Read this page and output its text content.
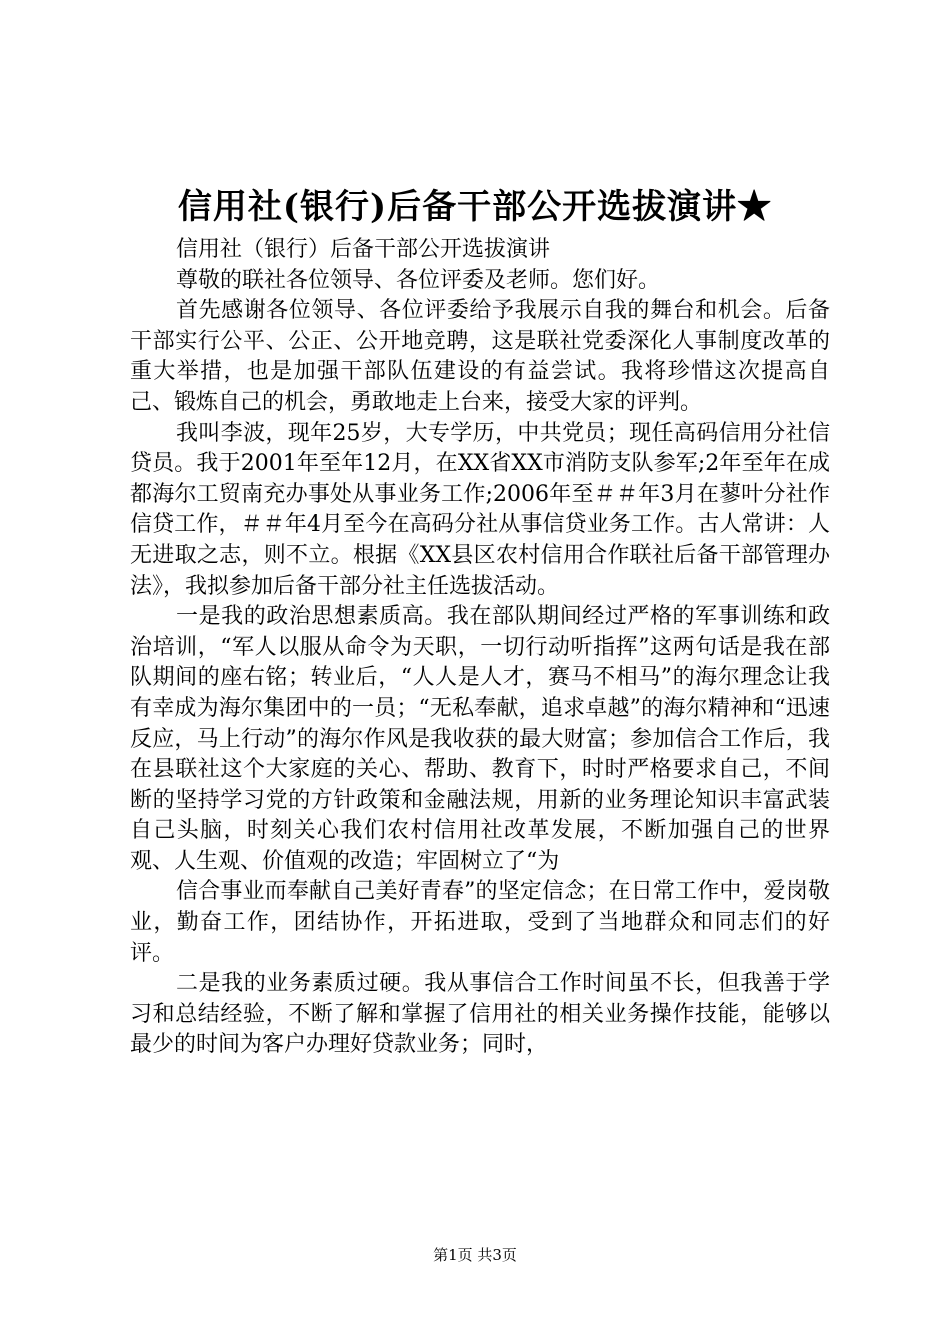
信用社(银行)后备干部公开选拔演讲★

信用社（银行）后备干部公开选拔演讲

尊敬的联社各位领导、各位评委及老师。您们好。

首先感谢各位领导、各位评委给予我展示自我的舞台和机会。后备干部实行公平、公正、公开地竞聘，这是联社党委深化人事制度改革的重大举措，也是加强干部队伍建设的有益尝试。我将珍惜这次提高自己、锻炼自己的机会，勇敢地走上台来，接受大家的评判。

我叫李波，现年25岁，大专学历，中共党员；现任高码信用分社信贷员。我于2001年至年12月，在XX省XX市消防支队参军;2年至年在成都海尔工贸南充办事处从事业务工作;2006年至＃＃年3月在蓼叶分社作信贷工作，＃＃年4月至今在高码分社从事信贷业务工作。古人常讲：人无进取之志，则不立。根据《XX县区农村信用合作联社后备干部管理办法》，我拟参加后备干部分社主任选拔活动。

一是我的政治思想素质高。我在部队期间经过严格的军事训练和政治培训，“军人以服从命令为天职，一切行动听指挥”这两句话是我在部队期间的座右铭；转业后，“人人是人才，赛马不相马”的海尔理念让我有幸成为海尔集团中的一员；“无私奉献，追求卓越”的海尔精神和“迅速反应，马上行动”的海尔作风是我收获的最大财富；参加信合工作后，我在县联社这个大家庭的关心、帮助、教育下，时时严格要求自己，不间断的坚持学习党的方针政策和金融法规，用新的业务理论知识丰富武装自己头脑，时刻关心我们农村信用社改革发展，不断加强自己的世界观、人生观、价值观的改造；牢固树立了“为

信合事业而奉献自己美好青春”的坚定信念；在日常工作中，爱岗敬业，勤奋工作，团结协作，开拓进取，受到了当地群众和同志们的好评。

二是我的业务素质过硬。我从事信合工作时间虽不长，但我善于学习和总结经验，不断了解和掌握了信用社的相关业务操作技能，能够以最少的时间为客户办理好贷款业务；同时，

第1页 共3页
